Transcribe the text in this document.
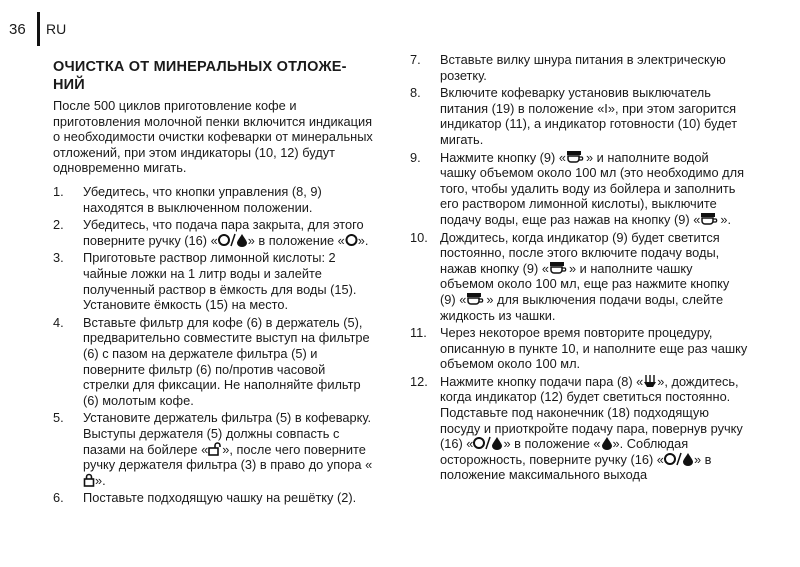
36	RU
ОЧИСТКА ОТ МИНЕРАЛЬНЫХ ОТЛОЖЕ-
НИЙ
После 500 циклов приготовление кофе и приготовления молочной пенки включится индикация о необходимости очистки кофеварки от минеральных отложений, при этом индикаторы (10, 12) будут одновременно мигать.
1. Убедитесь, что кнопки управления (8, 9) находятся в выключенном положении.
2. Убедитесь, что подача пара закрыта, для этого поверните ручку (16) « » в положение « ».
3. Приготовьте раствор лимонной кислоты: 2 чайные ложки на 1 литр воды и залейте полученный раствор в ёмкость для воды (15). Установите ёмкость (15) на место.
4. Вставьте фильтр для кофе (6) в держатель (5), предварительно совместите выступ на фильтре (6) с пазом на держателе фильтра (5) и поверните фильтр (6) по/против часовой стрелки для фиксации. Не наполняйте фильтр (6) молотым кофе.
5. Установите держатель фильтра (5) в кофеварку. Выступы держателя (5) должны совпасть с пазами на бойлере « », после чего поверните ручку держателя фильтра (3) в право до упора «».
6. Поставьте подходящую чашку на решётку (2).
7. Вставьте вилку шнура питания в электрическую розетку.
8. Включите кофеварку установив выключатель питания (19) в положение «I», при этом загорится индикатор (11), а индикатор готовности (10) будет мигать.
9. Нажмите кнопку (9) « » и наполните водой чашку объемом около 100 мл (это необходимо для того, чтобы удалить воду из бойлера и заполнить его раствором лимонной кислоты), выключите подачу воды, еще раз нажав на кнопку (9) « ».
10. Дождитесь, когда индикатор (9) будет светится постоянно, после этого включите подачу воды, нажав кнопку (9) « » и наполните чашку объемом около 100 мл, еще раз нажмите кнопку (9) « » для выключения подачи воды, слейте жидкость из чашки.
11. Через некоторое время повторите процедуру, описанную в пункте 10, и наполните еще раз чашку объемом около 100 мл.
12. Нажмите кнопку подачи пара (8) « », дождитесь, когда индикатор (12) будет светиться постоянно. Подставьте под наконечник (18) подходящую посуду и приоткройте подачу пара, повернув ручку (16) « » в положение « ». Соблюдая осторожность, поверните ручку (16) « » в положение максимального выхода
